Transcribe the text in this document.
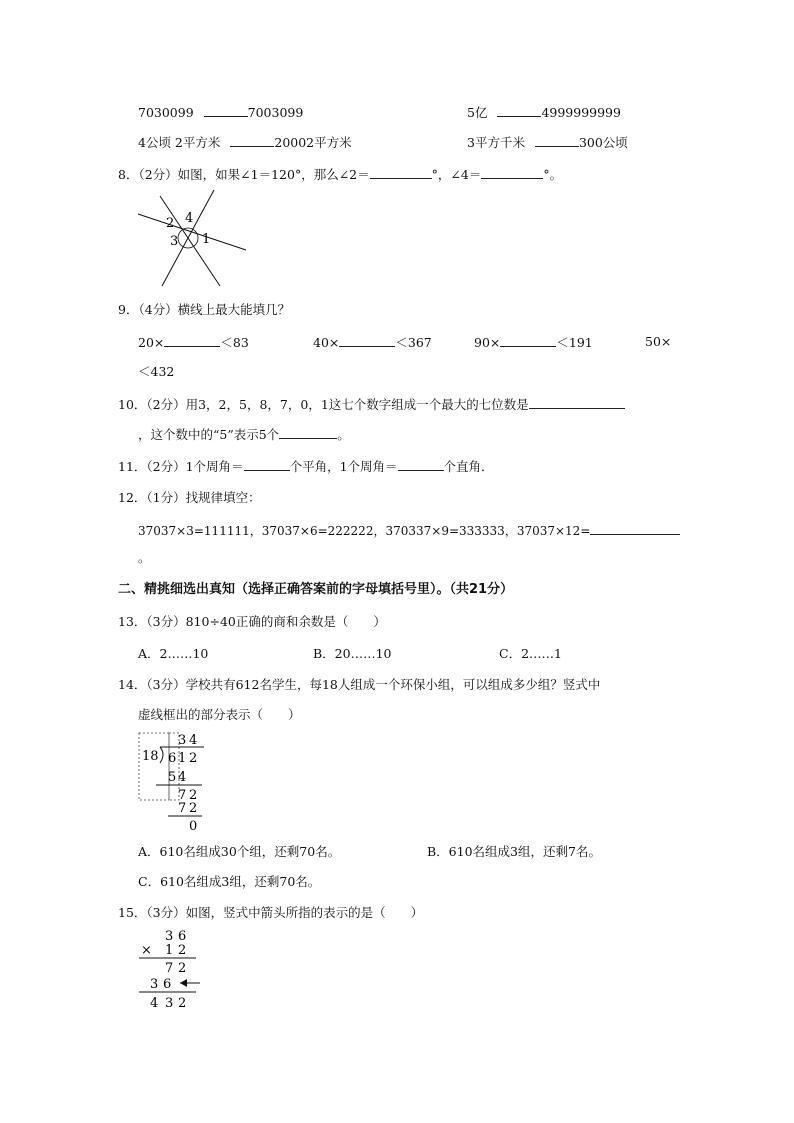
7030099	7003099	5亿	4999999999
4公顷 2平方米	20002平方米	3平方千米	300公顷
8．（2分）如图，如果∠1＝120°，那么∠2＝	°，∠4＝	°。
2 4
3 1
9．（4分）横线上最大能填几？
20×	＜83	40×	＜367	90×	＜191	50×
＜432
10．（2分）用3，2，5，8，7，0，1这七个数字组成一个最大的七位数是
，这个数中的“5”表示5个	。
11．（2分）1个周角＝	个平角，1个周角＝	个直角．
12．（1分）找规律填空：
37037×3=111111，37037×6=222222，370337×9=333333，37037×12=
。
二、精挑细选出真知（选择正确答案前的字母填括号里）。（共21分）
13．（3分）810÷40正确的商和余数是（　　）
A．2……10	B．20……10	C．2……1
14．（3分）学校共有612名学生，每18人组成一个环保小组，可以组成多少组？竖式中
虚线框出的部分表示（　　）
3 4
18 6 1 2
5 4
7 2
7 2
0
A．610名组成30个组，还剩70名。	B．610名组成3组，还剩7名。
C．610名组成3组，还剩70名。
15．（3分）如图，竖式中箭头所指的表示的是（　　）
3 6
× 1 2
7 2
3 6
4 3 2
